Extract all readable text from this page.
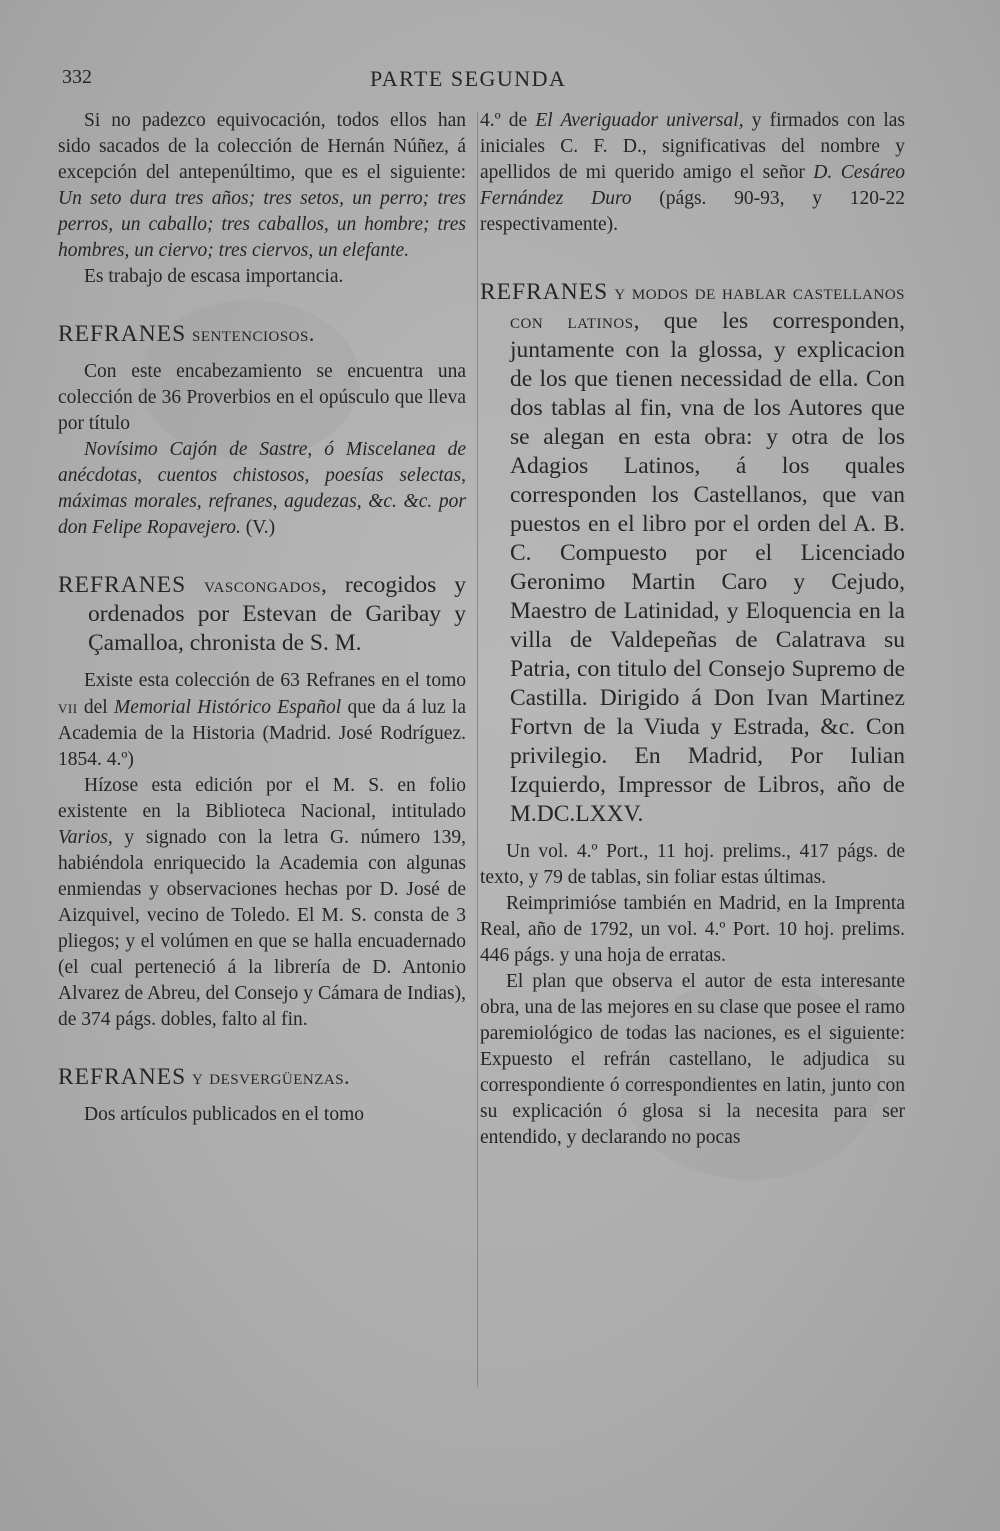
332	PARTE SEGUNDA

Si no padezco equivocación, todos ellos han sido sacados de la colección de Hernán Núñez, á excepción del antepenúltimo, que es el siguiente: Un seto dura tres años; tres setos, un perro; tres perros, un caballo; tres caballos, un hombre; tres hombres, un ciervo; tres ciervos, un elefante.

Es trabajo de escasa importancia.

REFRANES sentenciosos.

Con este encabezamiento se encuentra una colección de 36 Proverbios en el opúsculo que lleva por título

Novísimo Cajón de Sastre, ó Miscelanea de anécdotas, cuentos chistosos, poesías selectas, máximas morales, refranes, agudezas, &c. &c. por don Felipe Ropavejero. (V.)

REFRANES vascongados, recogidos y ordenados por Estevan de Garibay y Çamalloa, chronista de S. M.

Existe esta colección de 63 Refranes en el tomo vii del Memorial Histórico Español que da á luz la Academia de la Historia (Madrid. José Rodríguez. 1854. 4.º)

Hízose esta edición por el M. S. en folio existente en la Biblioteca Nacional, intitulado Varios, y signado con la letra G. número 139, habiéndola enriquecido la Academia con algunas enmiendas y observaciones hechas por D. José de Aizquivel, vecino de Toledo. El M. S. consta de 3 pliegos; y el volúmen en que se halla encuadernado (el cual perteneció á la librería de D. Antonio Alvarez de Abreu, del Consejo y Cámara de Indias), de 374 págs. dobles, falto al fin.

REFRANES y desvergüenzas.

Dos artículos publicados en el tomo

4.º de El Averiguador universal, y firmados con las iniciales C. F. D., significativas del nombre y apellidos de mi querido amigo el señor D. Cesáreo Fernández Duro (págs. 90-93, y 120-22 respectivamente).

REFRANES y modos de hablar castellanos con latinos, que les corresponden, juntamente con la glossa, y explicacion de los que tienen necessidad de ella. Con dos tablas al fin, vna de los Autores que se alegan en esta obra: y otra de los Adagios Latinos, á los quales corresponden los Castellanos, que van puestos en el libro por el orden del A. B. C. Compuesto por el Licenciado Geronimo Martin Caro y Cejudo, Maestro de Latinidad, y Eloquencia en la villa de Valdepeñas de Calatrava su Patria, con titulo del Consejo Supremo de Castilla. Dirigido á Don Ivan Martinez Fortvn de la Viuda y Estrada, &c. Con privilegio. En Madrid, Por Iulian Izquierdo, Impressor de Libros, año de M.DC.LXXV.

Un vol. 4.º Port., 11 hoj. prelims., 417 págs. de texto, y 79 de tablas, sin foliar estas últimas.

Reimprimióse también en Madrid, en la Imprenta Real, año de 1792, un vol. 4.º Port. 10 hoj. prelims. 446 págs. y una hoja de erratas.

El plan que observa el autor de esta interesante obra, una de las mejores en su clase que posee el ramo paremiológico de todas las naciones, es el siguiente: Expuesto el refrán castellano, le adjudica su correspondiente ó correspondientes en latin, junto con su explicación ó glosa si la necesita para ser entendido, y declarando no pocas
